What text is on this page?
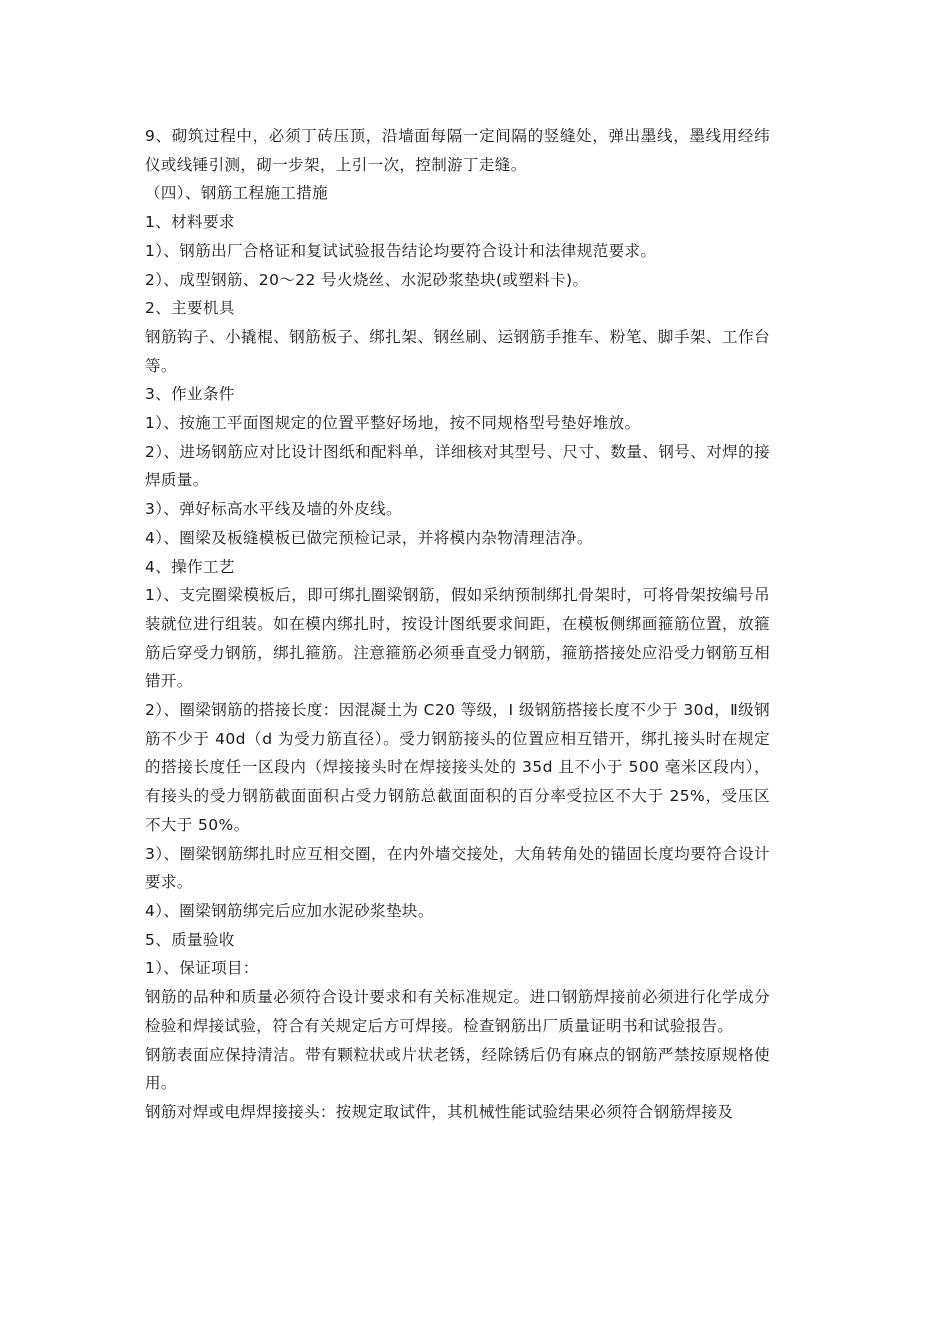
9、砌筑过程中，必须丁砖压顶，沿墙面每隔一定间隔的竖缝处，弹出墨线，墨线用经纬仪或线锤引测，砌一步架，上引一次，控制游丁走缝。

（四）、钢筋工程施工措施

1、材料要求

1）、钢筋出厂合格证和复试试验报告结论均要符合设计和法律规范要求。

2）、成型钢筋、20～22 号火烧丝、水泥砂浆垫块(或塑料卡)。

2、主要机具

钢筋钩子、小撬棍、钢筋板子、绑扎架、钢丝刷、运钢筋手推车、粉笔、脚手架、工作台等。

3、作业条件

1）、按施工平面图规定的位置平整好场地，按不同规格型号垫好堆放。

2）、进场钢筋应对比设计图纸和配料单，详细核对其型号、尺寸、数量、钢号、对焊的接焊质量。

3）、弹好标高水平线及墙的外皮线。

4）、圈梁及板缝模板已做完预检记录，并将模内杂物清理洁净。

4、操作工艺

1）、支完圈梁模板后，即可绑扎圈梁钢筋，假如采纳预制绑扎骨架时，可将骨架按编号吊装就位进行组装。如在模内绑扎时，按设计图纸要求间距，在模板侧绑画箍筋位置，放箍筋后穿受力钢筋，绑扎箍筋。注意箍筋必须垂直受力钢筋，箍筋搭接处应沿受力钢筋互相错开。

2）、圈梁钢筋的搭接长度：因混凝土为 C20 等级，Ⅰ 级钢筋搭接长度不少于 30d，Ⅱ级钢筋不少于 40d（d 为受力筋直径）。受力钢筋接头的位置应相互错开，绑扎接头时在规定的搭接长度任一区段内（焊接接头时在焊接接头处的 35d 且不小于 500 毫米区段内），有接头的受力钢筋截面面积占受力钢筋总截面面积的百分率受拉区不大于 25%，受压区不大于 50%。

3）、圈梁钢筋绑扎时应互相交圈，在内外墙交接处，大角转角处的锚固长度均要符合设计要求。

4）、圈梁钢筋绑完后应加水泥砂浆垫块。

5、质量验收

1）、保证项目：

钢筋的品种和质量必须符合设计要求和有关标准规定。进口钢筋焊接前必须进行化学成分检验和焊接试验，符合有关规定后方可焊接。检查钢筋出厂质量证明书和试验报告。

钢筋表面应保持清洁。带有颗粒状或片状老锈，经除锈后仍有麻点的钢筋严禁按原规格使用。

钢筋对焊或电焊焊接接头：按规定取试件，其机械性能试验结果必须符合钢筋焊接及
